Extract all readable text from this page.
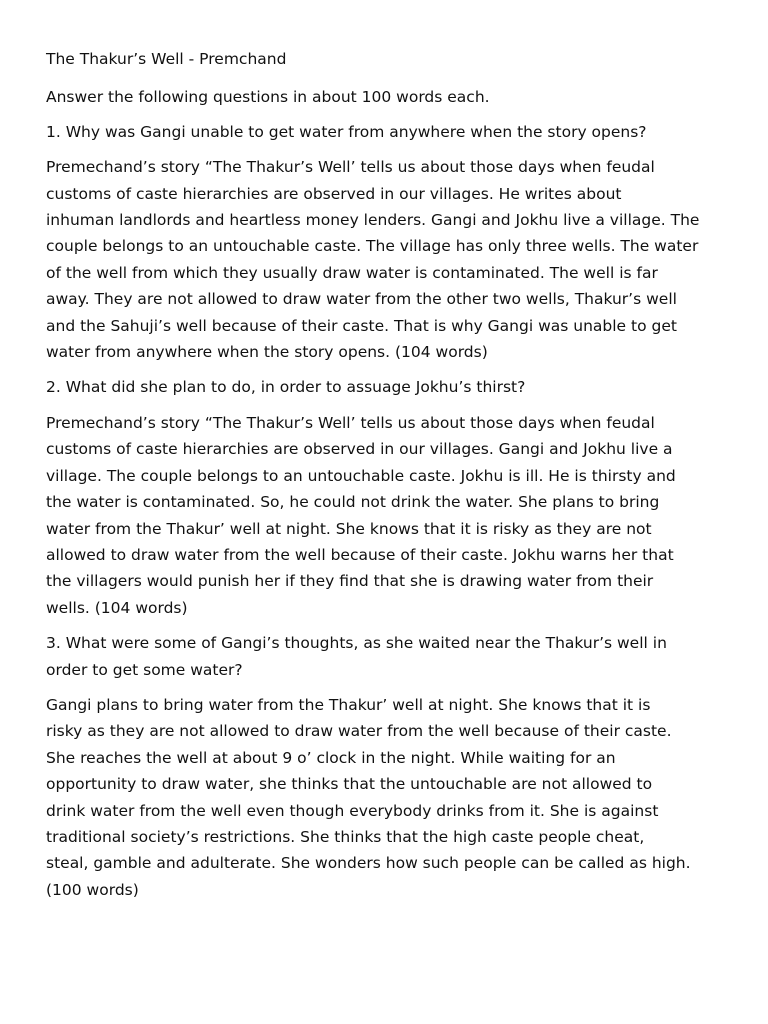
The Thakur’s Well - Premchand

Answer the following questions in about 100 words each.

1. Why was Gangi unable to get water from anywhere when the story opens?
Premechand’s story “The Thakur’s Well’ tells us about those days when feudal
customs of caste hierarchies are observed in our villages. He writes about
inhuman landlords and heartless money lenders. Gangi and Jokhu live a village. The
couple belongs to an untouchable caste. The village has only three wells. The water
of the well from which they usually draw water is contaminated. The well is far
away. They are not allowed to draw water from the other two wells, Thakur’s well
and the Sahuji’s well because of their caste. That is why Gangi was unable to get
water from anywhere when the story opens. (104 words)
2. What did she plan to do, in order to assuage Jokhu’s thirst?
Premechand’s story “The Thakur’s Well’ tells us about those days when feudal
customs of caste hierarchies are observed in our villages. Gangi and Jokhu live a
village. The couple belongs to an untouchable caste. Jokhu is ill. He is thirsty and
the water is contaminated. So, he could not drink the water. She plans to bring
water from the Thakur’ well at night. She knows that it is risky as they are not
allowed to draw water from the well because of their caste. Jokhu warns her that
the villagers would punish her if they find that she is drawing water from their
wells. (104 words)
3. What were some of Gangi’s thoughts, as she waited near the Thakur’s well in
order to get some water?
Gangi plans to bring water from the Thakur’ well at night. She knows that it is
risky as they are not allowed to draw water from the well because of their caste.
She reaches the well at about 9 o’ clock in the night. While waiting for an
opportunity to draw water, she thinks that the untouchable are not allowed to
drink water from the well even though everybody drinks from it. She is against
traditional society’s restrictions. She thinks that the high caste people cheat,
steal, gamble and adulterate. She wonders how such people can be called as high.
(100 words)
